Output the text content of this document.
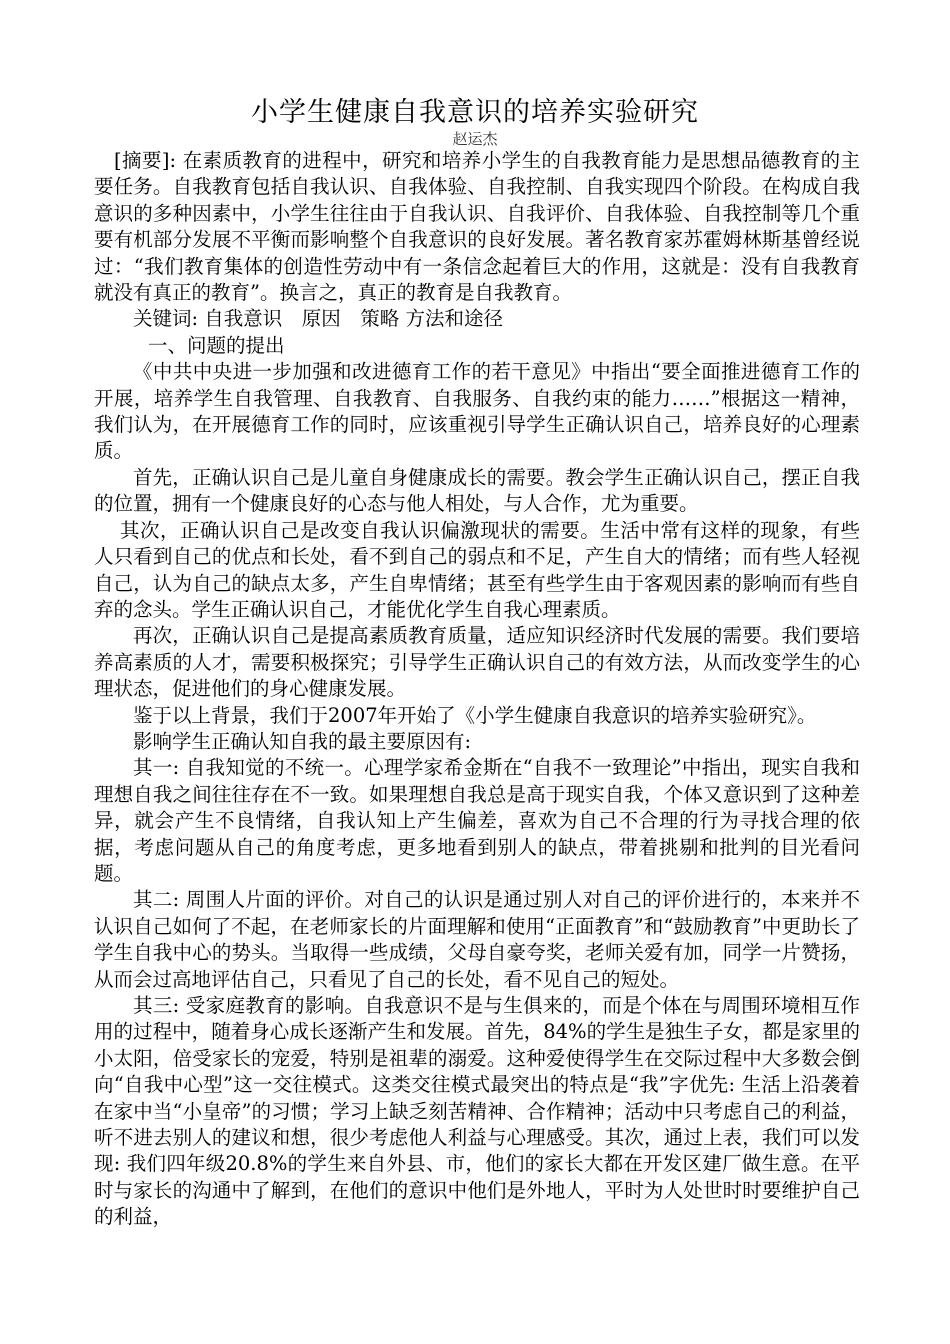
小学生健康自我意识的培养实验研究
赵运杰

[摘要]: 在素质教育的进程中，研究和培养小学生的自我教育能力是思想品德教育的主要任务。自我教育包括自我认识、自我体验、自我控制、自我实现四个阶段。在构成自我意识的多种因素中，小学生往往由于自我认识、自我评价、自我体验、自我控制等几个重要有机部分发展不平衡而影响整个自我意识的良好发展。著名教育家苏霍姆林斯基曾经说过：“我们教育集体的创造性劳动中有一条信念起着巨大的作用，这就是：没有自我教育就没有真正的教育”。换言之，真正的教育是自我教育。

关键词: 自我意识　原因　策略 方法和途径

一、问题的提出

《中共中央进一步加强和改进德育工作的若干意见》中指出“要全面推进德育工作的开展，培养学生自我管理、自我教育、自我服务、自我约束的能力……”根据这一精神，我们认为，在开展德育工作的同时，应该重视引导学生正确认识自己，培养良好的心理素质。

首先，正确认识自己是儿童自身健康成长的需要。教会学生正确认识自己，摆正自我的位置，拥有一个健康良好的心态与他人相处，与人合作，尤为重要。

其次，正确认识自己是改变自我认识偏激现状的需要。生活中常有这样的现象，有些人只看到自己的优点和长处，看不到自己的弱点和不足，产生自大的情绪；而有些人轻视自己，认为自己的缺点太多，产生自卑情绪；甚至有些学生由于客观因素的影响而有些自弃的念头。学生正确认识自己，才能优化学生自我心理素质。

再次，正确认识自己是提高素质教育质量，适应知识经济时代发展的需要。我们要培养高素质的人才，需要积极探究；引导学生正确认识自己的有效方法，从而改变学生的心理状态，促进他们的身心健康发展。

鉴于以上背景，我们于2007年开始了《小学生健康自我意识的培养实验研究》。

影响学生正确认知自我的最主要原因有:

其一: 自我知觉的不统一。心理学家希金斯在“自我不一致理论”中指出，现实自我和理想自我之间往往存在不一致。如果理想自我总是高于现实自我，个体又意识到了这种差异，就会产生不良情绪，自我认知上产生偏差，喜欢为自己不合理的行为寻找合理的依据，考虑问题从自己的角度考虑，更多地看到别人的缺点，带着挑剔和批判的目光看问题。

其二: 周围人片面的评价。对自己的认识是通过别人对自己的评价进行的，本来并不认识自己如何了不起，在老师家长的片面理解和使用“正面教育”和“鼓励教育”中更助长了学生自我中心的势头。当取得一些成绩，父母自豪夸奖，老师关爱有加，同学一片赞扬，从而会过高地评估自己，只看见了自己的长处，看不见自己的短处。

其三: 受家庭教育的影响。自我意识不是与生俱来的，而是个体在与周围环境相互作用的过程中，随着身心成长逐渐产生和发展。首先，84%的学生是独生子女，都是家里的小太阳，倍受家长的宠爱，特别是祖辈的溺爱。这种爱使得学生在交际过程中大多数会倒向“自我中心型”这一交往模式。这类交往模式最突出的特点是“我”字优先: 生活上沿袭着在家中当“小皇帝”的习惯；学习上缺乏刻苦精神、合作精神；活动中只考虑自己的利益，听不进去别人的建议和想，很少考虑他人利益与心理感受。其次，通过上表，我们可以发现: 我们四年级20.8%的学生来自外县、市，他们的家长大都在开发区建厂做生意。在平时与家长的沟通中了解到，在他们的意识中他们是外地人，平时为人处世时时要维护自己的利益，
